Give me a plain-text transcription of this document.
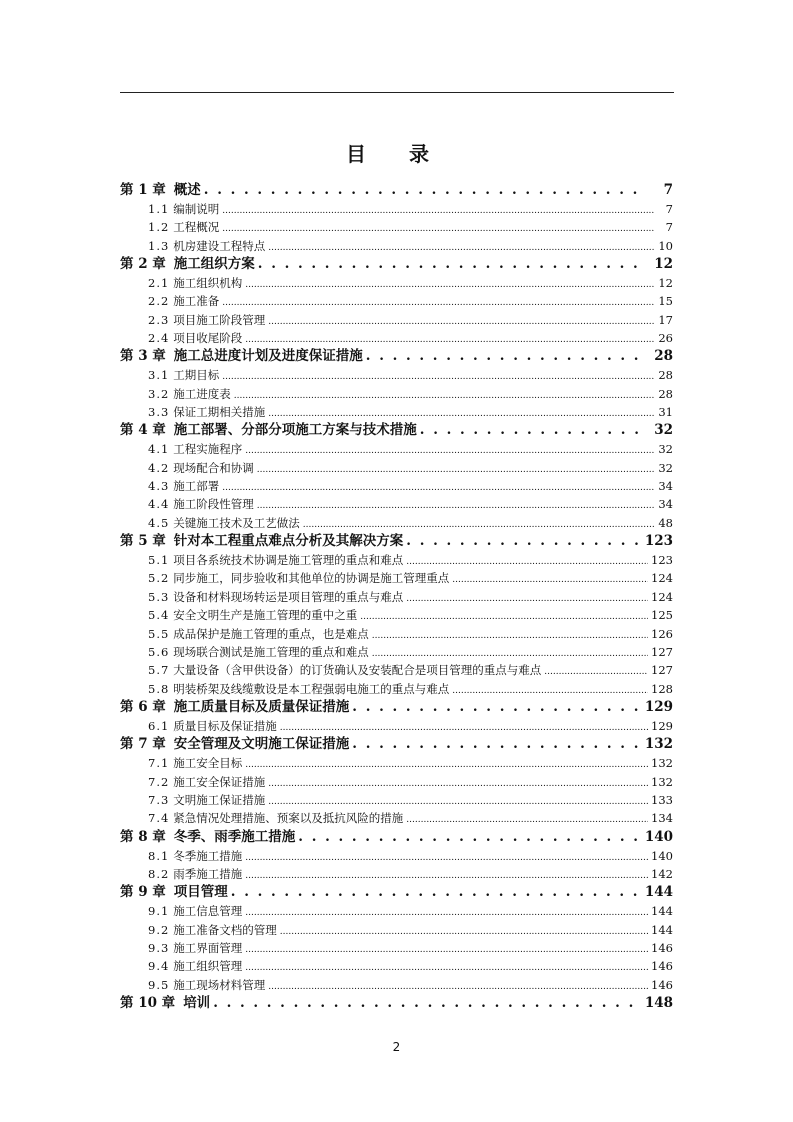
目 录
第 1 章 概述 . . .	7
1.1 编制说明 .....	7
1.2 工程概况 .....	7
1.3 机房建设工程特点 .....	10
第 2 章 施工组织方案 . . .	12
2.1 施工组织机构 .....	12
2.2 施工准备 .....	15
2.3 项目施工阶段管理 .....	17
2.4 项目收尾阶段 .....	26
第 3 章 施工总进度计划及进度保证措施 . . .	28
3.1 工期目标 .....	28
3.2 施工进度表 .....	28
3.3 保证工期相关措施 .....	31
第 4 章 施工部署、分部分项施工方案与技术措施 . . .	32
4.1 工程实施程序 .....	32
4.2 现场配合和协调 .....	32
4.3 施工部署 .....	34
4.4 施工阶段性管理 .....	34
4.5 关键施工技术及工艺做法 .....	48
第 5 章 针对本工程重点难点分析及其解决方案 . . .	123
5.1 项目各系统技术协调是施工管理的重点和难点 .....	123
5.2 同步施工，同步验收和其他单位的协调是施工管理重点 .....	124
5.3 设备和材料现场转运是项目管理的重点与难点 .....	124
5.4 安全文明生产是施工管理的重中之重 .....	125
5.5 成品保护是施工管理的重点，也是难点 .....	126
5.6 现场联合测试是施工管理的重点和难点 .....	127
5.7 大量设备（含甲供设备）的订货确认及安装配合是项目管理的重点与难点 .....	127
5.8 明装桥架及线缆敷设是本工程强弱电施工的重点与难点 .....	128
第 6 章 施工质量目标及质量保证措施 . . .	129
6.1 质量目标及保证措施 .....	129
第 7 章 安全管理及文明施工保证措施 . . .	132
7.1 施工安全目标 .....	132
7.2 施工安全保证措施 .....	132
7.3 文明施工保证措施 .....	133
7.4 紧急情况处理措施、预案以及抵抗风险的措施 .....	134
第 8 章 冬季、雨季施工措施 . . .	140
8.1 冬季施工措施 .....	140
8.2 雨季施工措施 .....	142
第 9 章 项目管理 . . .	144
9.1 施工信息管理 .....	144
9.2 施工准备文档的管理 .....	144
9.3 施工界面管理 .....	146
9.4 施工组织管理 .....	146
9.5 施工现场材料管理 .....	146
第 10 章 培训 . . .	148
2
